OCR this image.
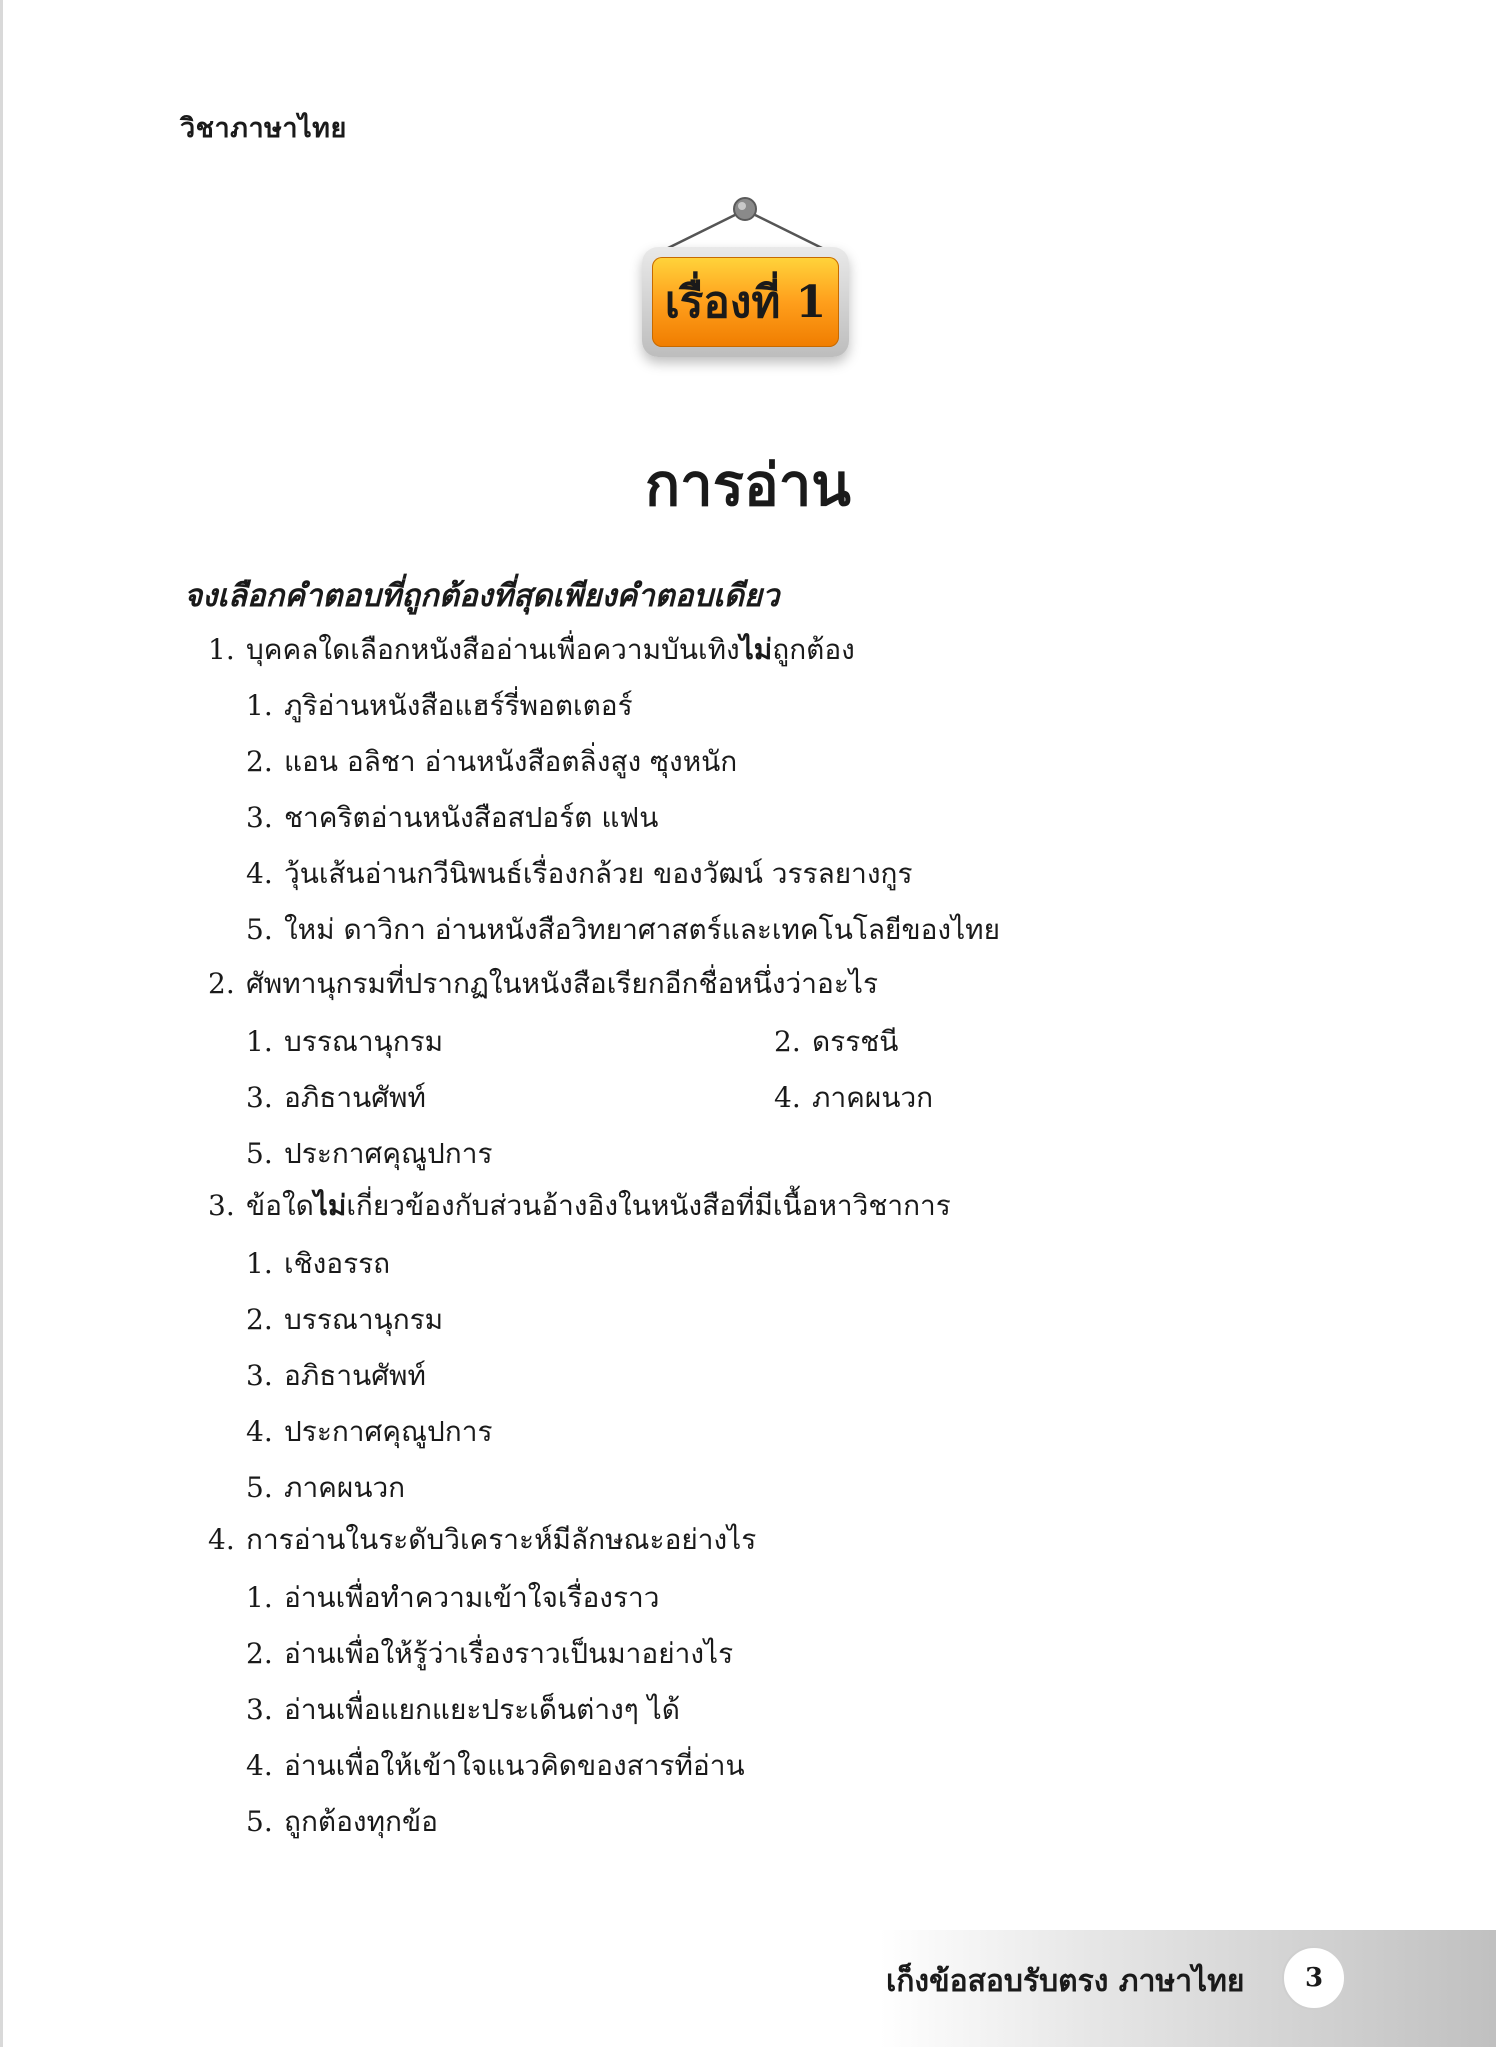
วิชาภาษาไทย
เรื่องที่ 1
การอ่าน
จงเลือกคำตอบที่ถูกต้องที่สุดเพียงคำตอบเดียว
1. บุคคลใดเลือกหนังสืออ่านเพื่อความบันเทิงไม่ถูกต้อง
1. ภูริอ่านหนังสือแฮร์รี่พอตเตอร์
2. แอน อลิชา อ่านหนังสือตลิ่งสูง ซุงหนัก
3. ชาคริตอ่านหนังสือสปอร์ต แฟน
4. วุ้นเส้นอ่านกวีนิพนธ์เรื่องกล้วย ของวัฒน์ วรรลยางกูร
5. ใหม่ ดาวิกา อ่านหนังสือวิทยาศาสตร์และเทคโนโลยีของไทย
2. ศัพทานุกรมที่ปรากฏในหนังสือเรียกอีกชื่อหนึ่งว่าอะไร
1. บรรณานุกรม	2. ดรรชนี
3. อภิธานศัพท์	4. ภาคผนวก
5. ประกาศคุณูปการ
3. ข้อใดไม่เกี่ยวข้องกับส่วนอ้างอิงในหนังสือที่มีเนื้อหาวิชาการ
1. เชิงอรรถ
2. บรรณานุกรม
3. อภิธานศัพท์
4. ประกาศคุณูปการ
5. ภาคผนวก
4. การอ่านในระดับวิเคราะห์มีลักษณะอย่างไร
1. อ่านเพื่อทำความเข้าใจเรื่องราว
2. อ่านเพื่อให้รู้ว่าเรื่องราวเป็นมาอย่างไร
3. อ่านเพื่อแยกแยะประเด็นต่างๆ ได้
4. อ่านเพื่อให้เข้าใจแนวคิดของสารที่อ่าน
5. ถูกต้องทุกข้อ
เก็งข้อสอบรับตรง ภาษาไทย	3
